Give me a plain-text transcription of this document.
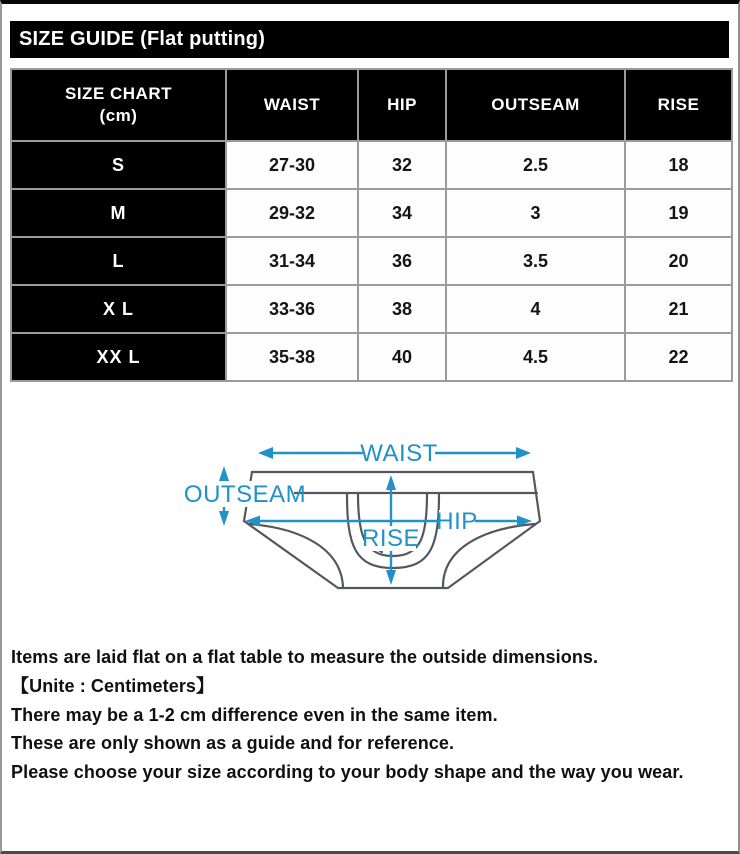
SIZE GUIDE (Flat putting)
SIZE CHART
(cm)	WAIST	HIP	OUTSEAM	RISE
S	27-30	32	2.5	18
M	29-32	34	3	19
L	31-34	36	3.5	20
X L	33-36	38	4	21
XX L	35-38	40	4.5	22
WAIST
OUTSEAM
HIP
RISE
Items are laid flat on a flat table to measure the outside dimensions.
【Unite : Centimeters】
There may be a 1-2 cm difference even in the same item.
These are only shown as a guide and for reference.
Please choose your size according to your body shape and the way you wear.
